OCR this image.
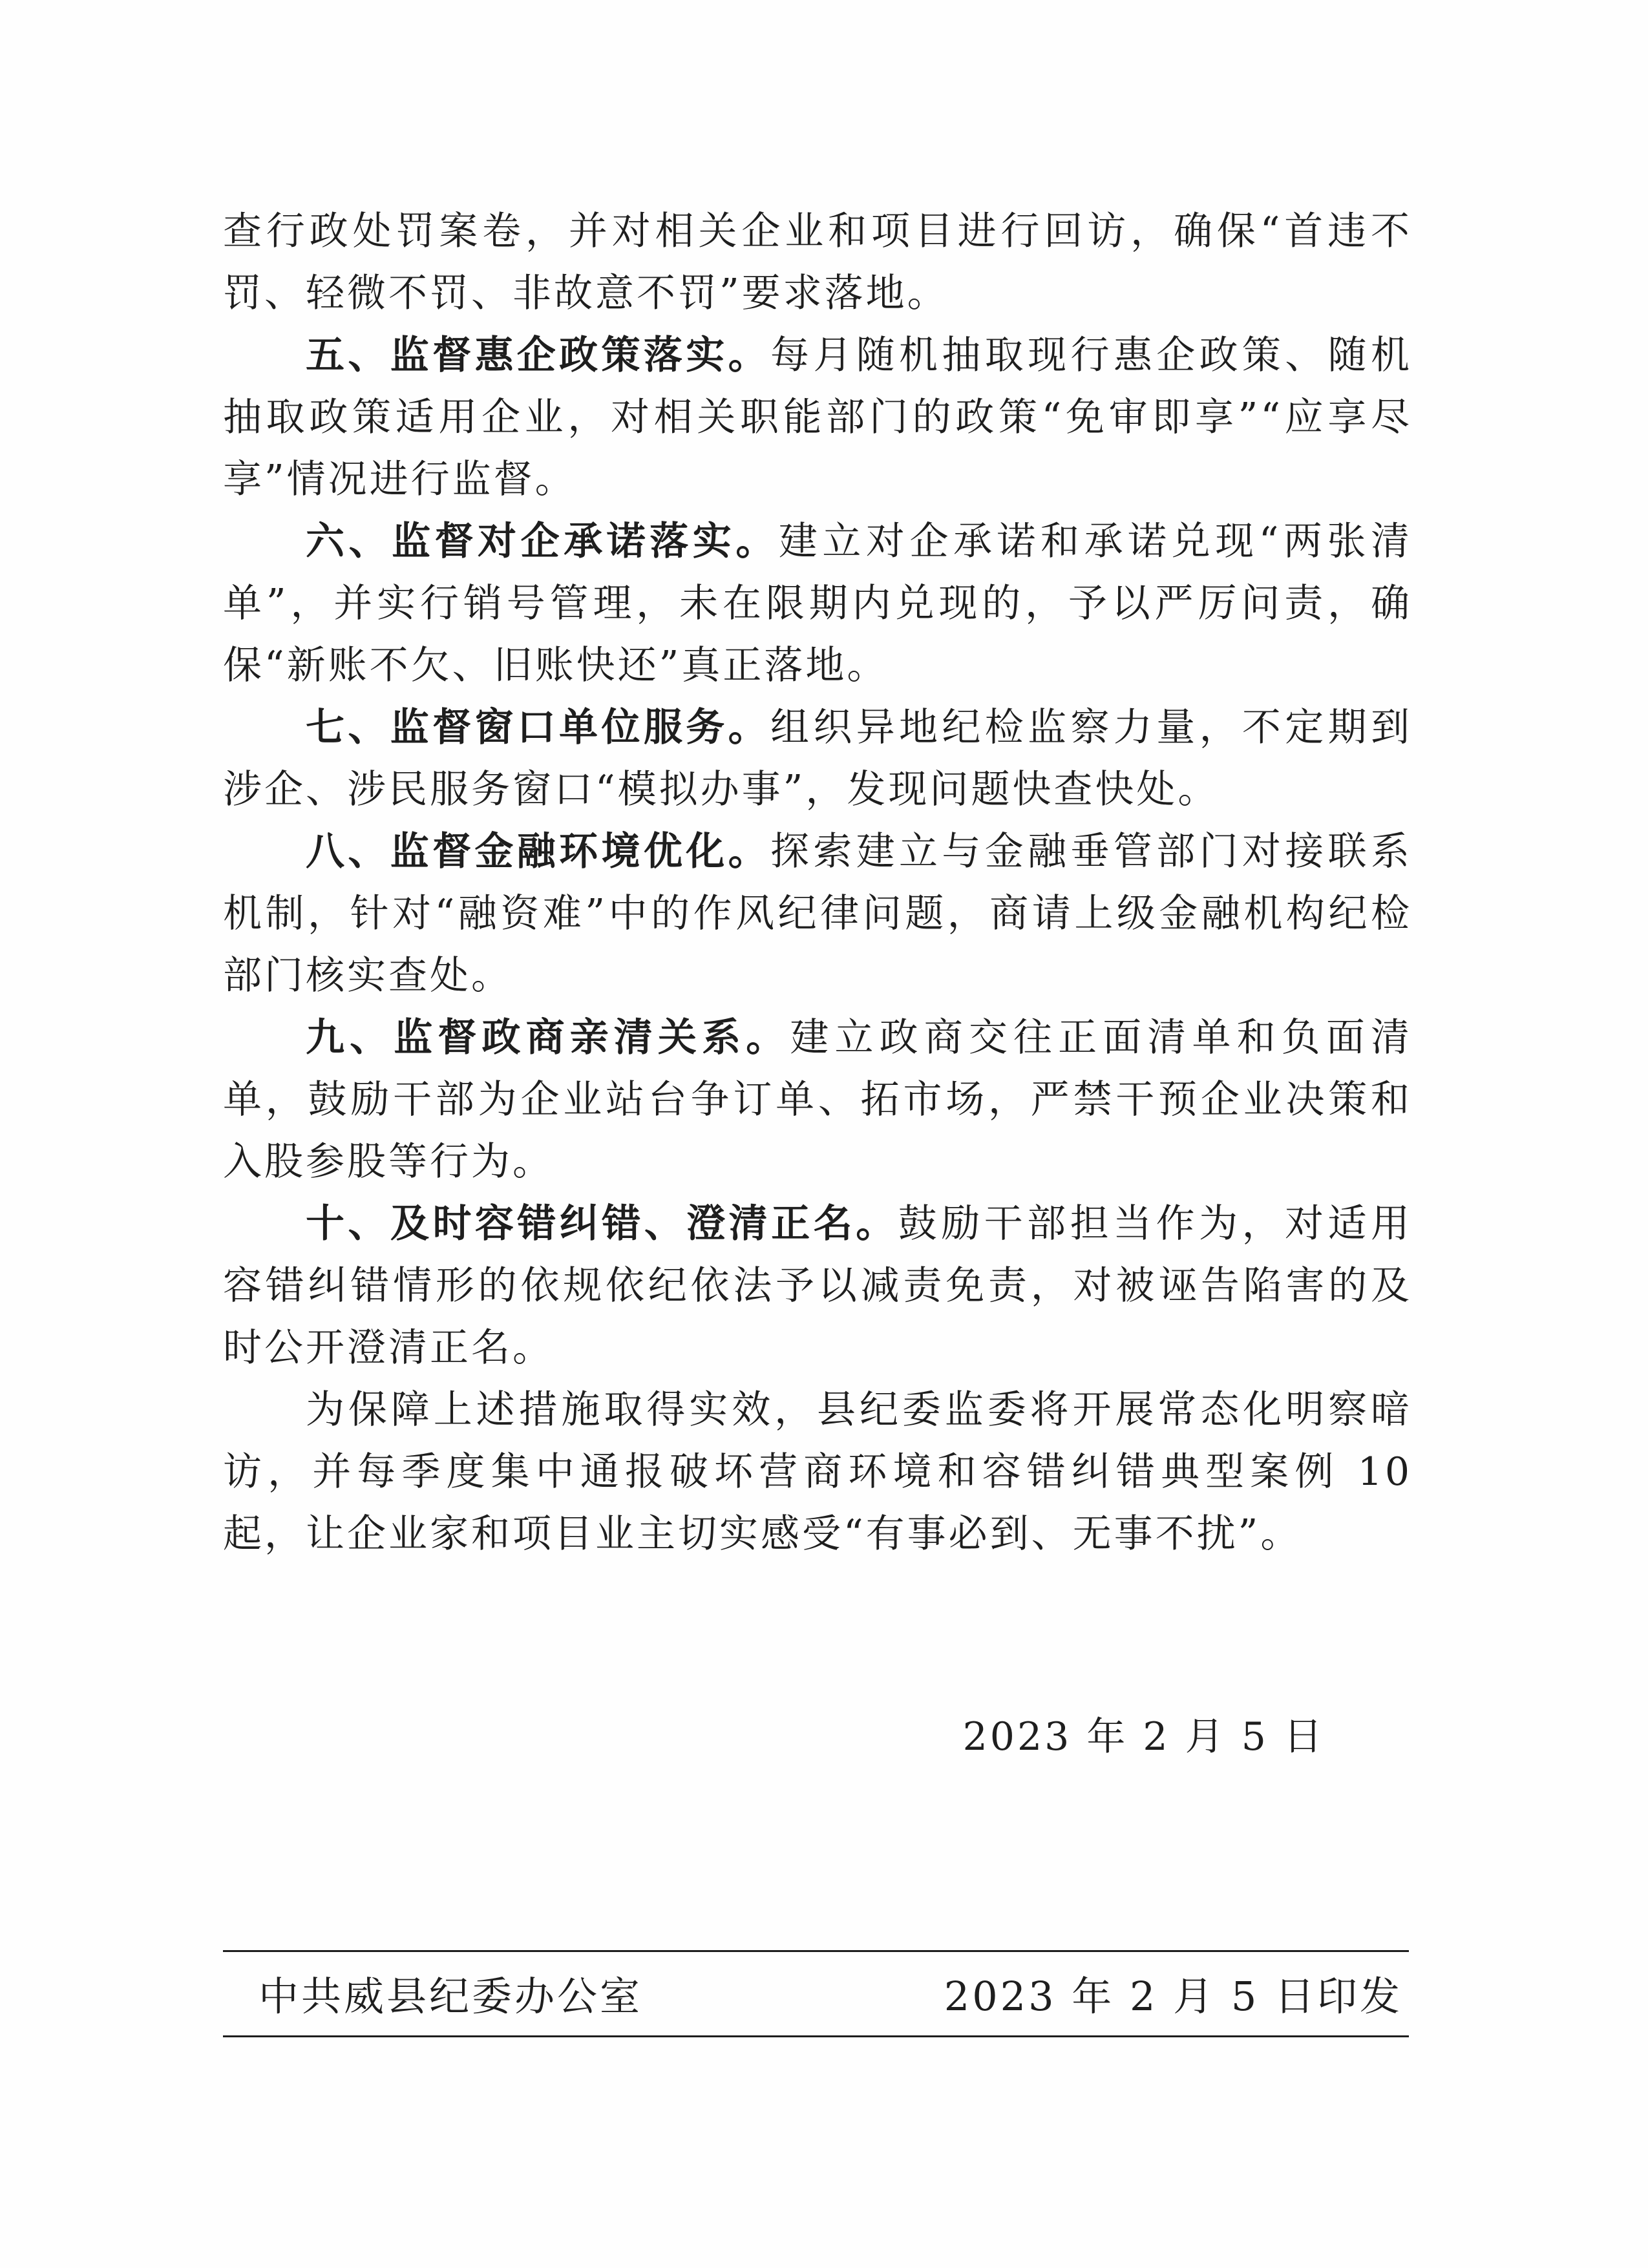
查行政处罚案卷，并对相关企业和项目进行回访，确保“首违不罚、轻微不罚、非故意不罚”要求落地。

五、监督惠企政策落实。每月随机抽取现行惠企政策、随机抽取政策适用企业，对相关职能部门的政策“免审即享”“应享尽享”情况进行监督。

六、监督对企承诺落实。建立对企承诺和承诺兑现“两张清单”，并实行销号管理，未在限期内兑现的，予以严厉问责，确保“新账不欠、旧账快还”真正落地。

七、监督窗口单位服务。组织异地纪检监察力量，不定期到涉企、涉民服务窗口“模拟办事”，发现问题快查快处。

八、监督金融环境优化。探索建立与金融垂管部门对接联系机制，针对“融资难”中的作风纪律问题，商请上级金融机构纪检部门核实查处。

九、监督政商亲清关系。建立政商交往正面清单和负面清单，鼓励干部为企业站台争订单、拓市场，严禁干预企业决策和入股参股等行为。

十、及时容错纠错、澄清正名。鼓励干部担当作为，对适用容错纠错情形的依规依纪依法予以减责免责，对被诬告陷害的及时公开澄清正名。

为保障上述措施取得实效，县纪委监委将开展常态化明察暗访，并每季度集中通报破坏营商环境和容错纠错典型案例 10 起，让企业家和项目业主切实感受“有事必到、无事不扰”。

2023 年 2 月 5 日
中共威县纪委办公室	2023 年 2 月 5 日印发
